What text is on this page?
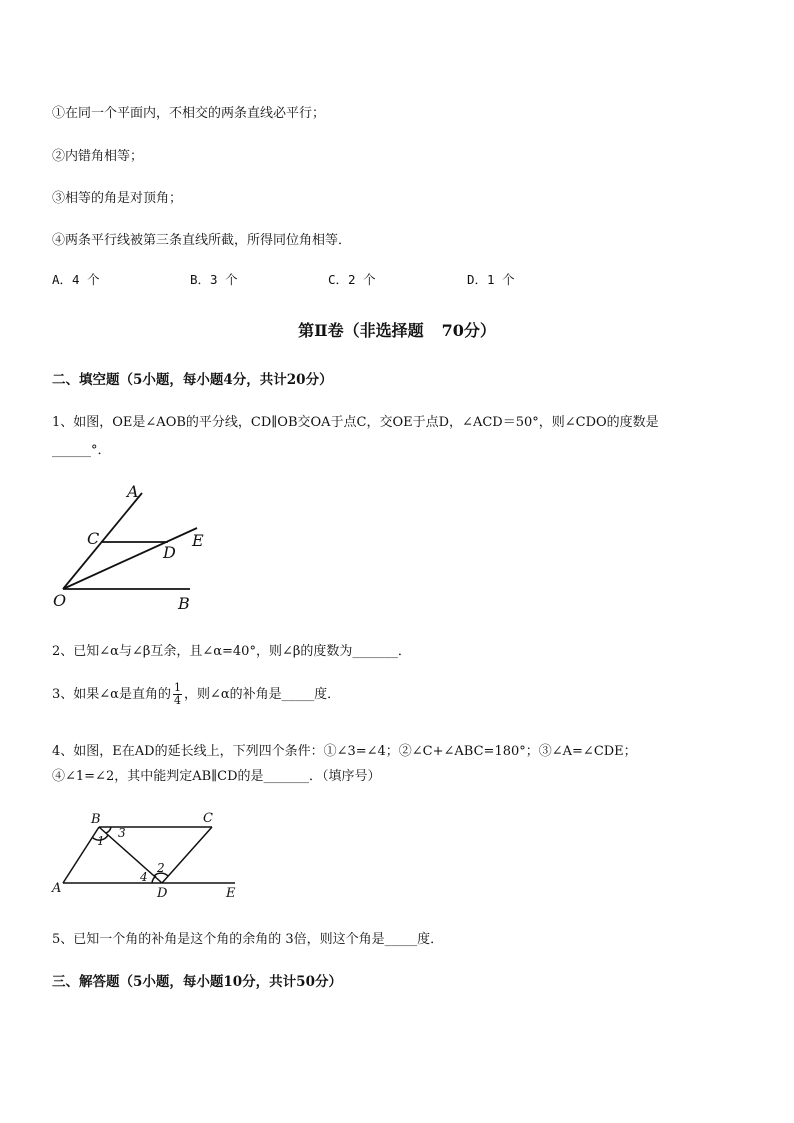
①在同一个平面内，不相交的两条直线必平行；
②内错角相等；
③相等的角是对顶角；
④两条平行线被第三条直线所截，所得同位角相等．
A．4 个	B．3 个	C．2 个	D．1 个
第Ⅱ卷（非选择题 70分）
二、填空题（5小题，每小题4分，共计20分）
1、如图，OE是∠AOB的平分线，CD∥OB交OA于点C，交OE于点D，∠ACD＝50°，则∠CDO的度数是
______°．
A
C
D
E
O	B
2、已知∠α与∠β互余，且∠α=40°，则∠β的度数为_______．
3、如果∠α是直角的 $\frac{1}{4}$ ，则∠α的补角是_____度．
4、如图，E在AD的延长线上，下列四个条件：①∠3=∠4；②∠C+∠ABC=180°；③∠A=∠CDE；
④∠1=∠2，其中能判定AB∥CD的是_______．（填序号）
B	C
A	D	E
1
2
3
4
5、已知一个角的补角是这个角的余角的 3倍，则这个角是_____度．
三、解答题（5小题，每小题10分，共计50分）
